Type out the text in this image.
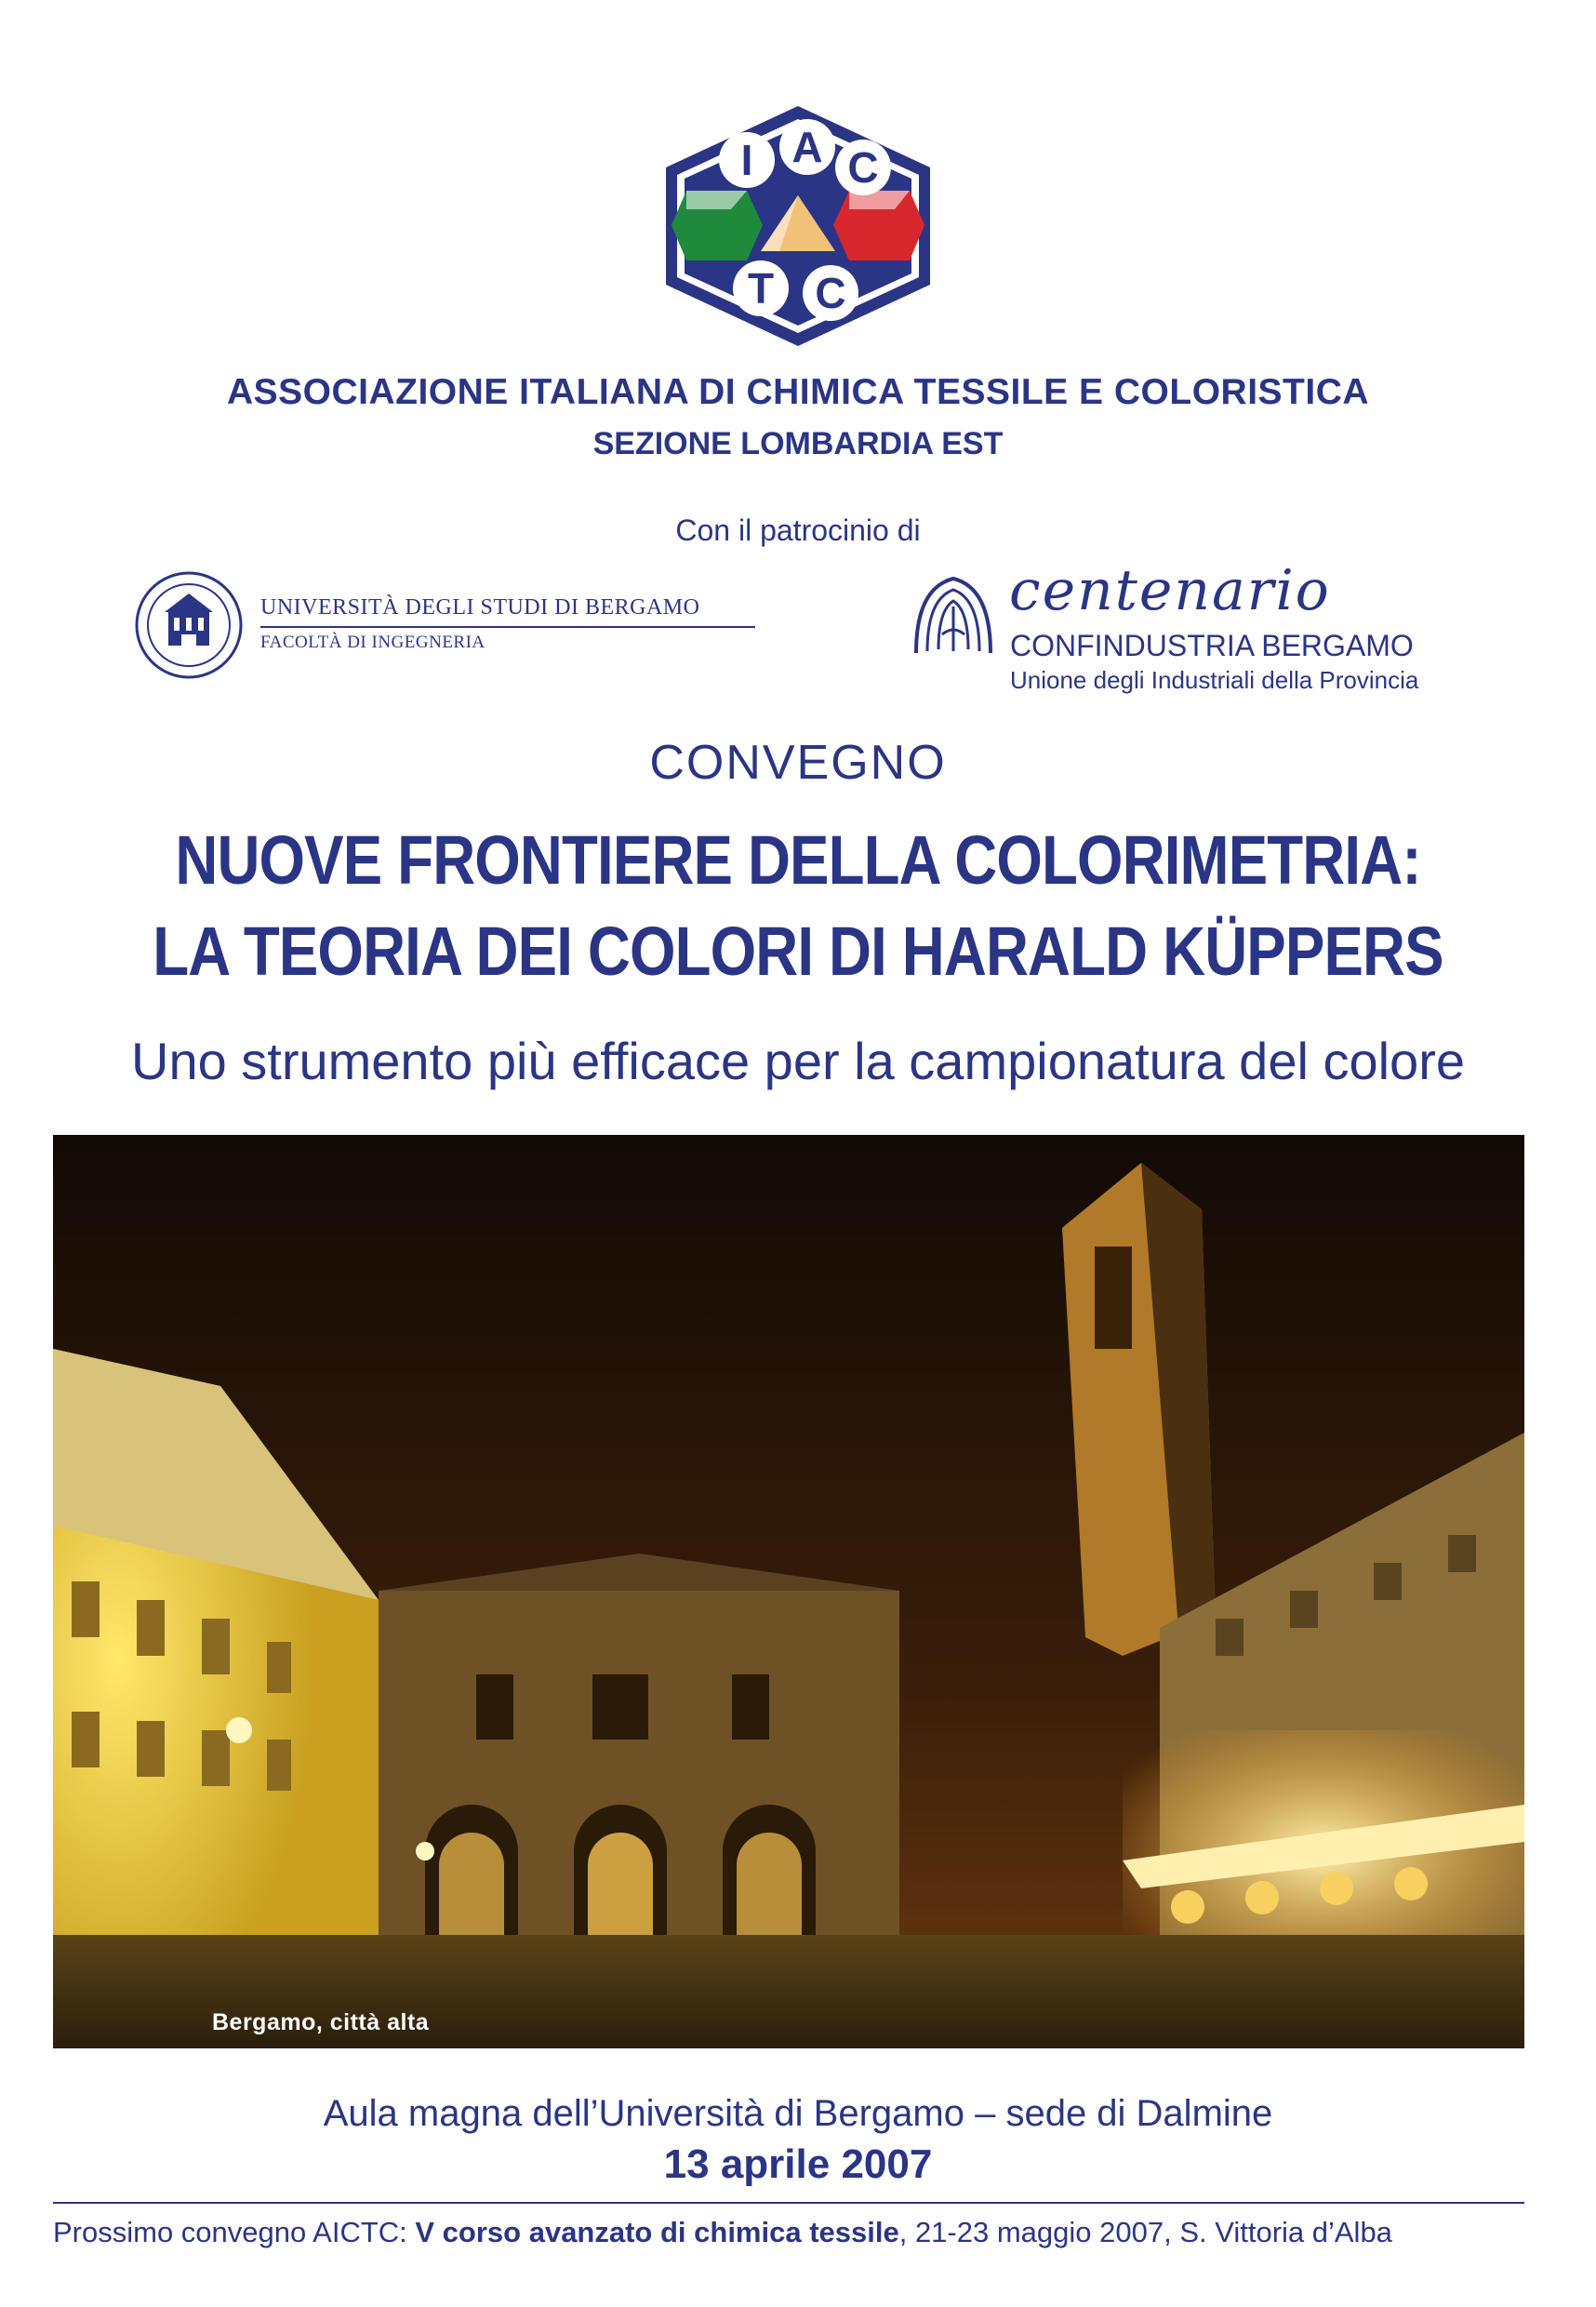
I A C
T C
ASSOCIAZIONE ITALIANA DI CHIMICA TESSILE E COLORISTICA
SEZIONE LOMBARDIA EST
Con il patrocinio di
UNIVERSITÀ DEGLI STUDI DI BERGAMO
FACOLTÀ DI INGEGNERIA
centenario
CONFINDUSTRIA BERGAMO
Unione degli Industriali della Provincia
CONVEGNO
NUOVE FRONTIERE DELLA COLORIMETRIA:
LA TEORIA DEI COLORI DI HARALD KÜPPERS
Uno strumento più efficace per la campionatura del colore
Bergamo, città alta
Aula magna dell’Università di Bergamo – sede di Dalmine
13 aprile 2007
Prossimo convegno AICTC: V corso avanzato di chimica tessile, 21-23 maggio 2007, S. Vittoria d’Alba
